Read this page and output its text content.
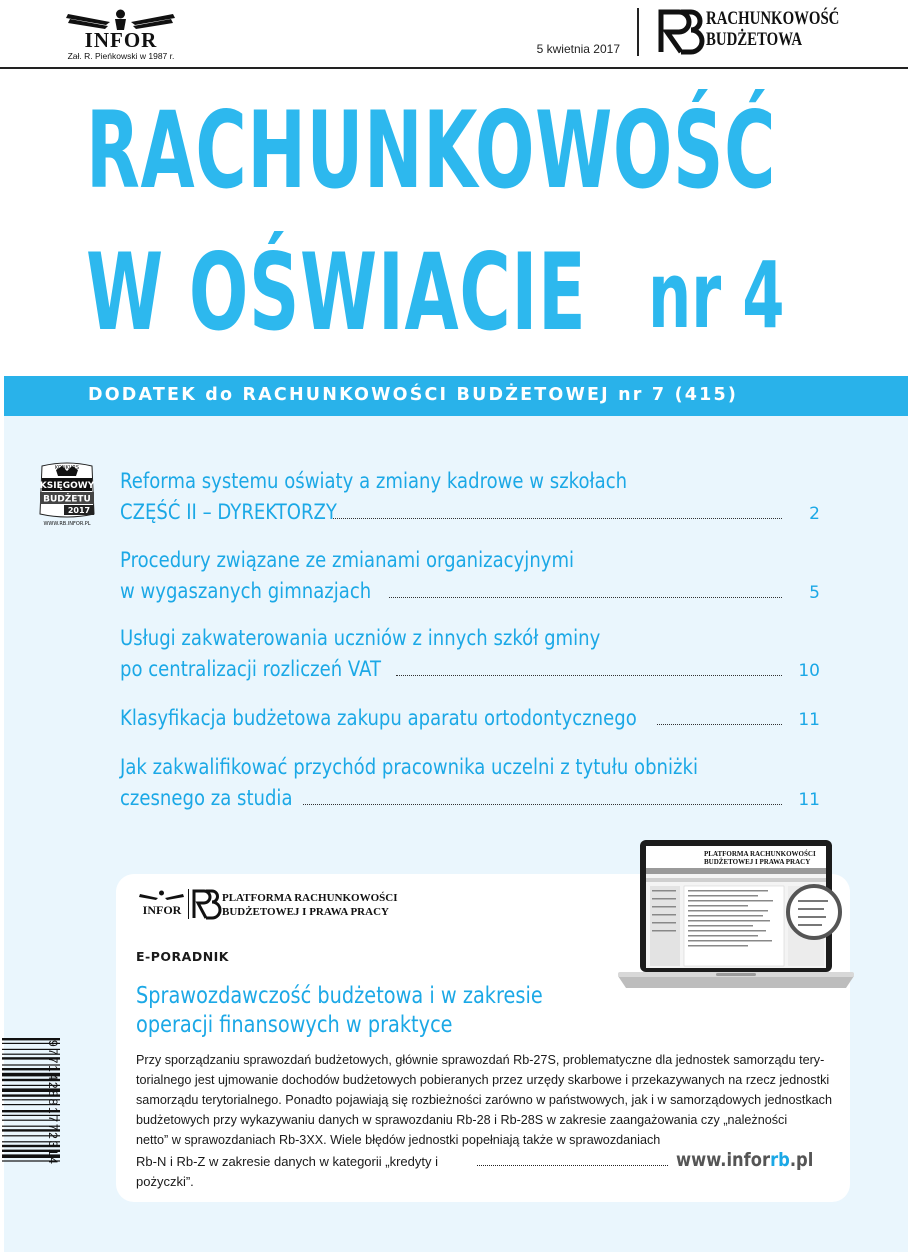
INFOR
Zał. R. Pieńkowski w 1987 r.	5 kwietnia 2017
RACHUNKOWOŚĆ
BUDŻETOWA
RACHUNKOWOŚĆ
W OŚWIACIE nr 4
DODATEK do RACHUNKOWOŚCI BUDŻETOWEJ nr 7 (415)
KONKURS
KSIĘGOWY
BUDŻETU
2017
WWW.RB.INFOR.PL
Reforma systemu oświaty a zmiany kadrowe w szkołach
CZĘŚĆ II – DYREKTORZY	2
Procedury związane ze zmianami organizacyjnymi
w wygaszanych gimnazjach	5
Usługi zakwaterowania uczniów z innych szkół gminy
po centralizacji rozliczeń VAT	10
Klasyfikacja budżetowa zakupu aparatu ortodontycznego	11
Jak zakwalifikować przychód pracownika uczelni z tytułu obniżki
czesnego za studia	11
INFOR
PLATFORMA RACHUNKOWOŚCI
BUDŻETOWEJ I PRAWA PRACY
E-PORADNIK
Sprawozdawczość budżetowa i w zakresie
operacji finansowych w praktyce

Przy sporządzaniu sprawozdań budżetowych, głównie sprawozdań Rb-27S, problematyczne dla jednostek samorządu tery-

torialnego jest ujmowanie dochodów budżetowych pobieranych przez urzędy skarbowe i przekazywanych na rzecz jednostki

samorządu terytorialnego. Ponadto pojawiają się rozbieżności zarówno w państwowych, jak i w samorządowych jednostkach

budżetowych przy wykazywaniu danych w sprawozdaniu Rb-28 i Rb-28S w zakresie zaangażowania czy „należności

netto” w sprawozdaniach Rb-3XX. Wiele błędów jednostki popełniają także w sprawozdaniach

Rb-N i Rb-Z w zakresie danych w kategorii „kredyty i pożyczki”.
www.inforrb.pl
PLATFORMA RACHUNKOWOŚCI
BUDŻETOWEJ I PRAWA PRACY
977142881772314
